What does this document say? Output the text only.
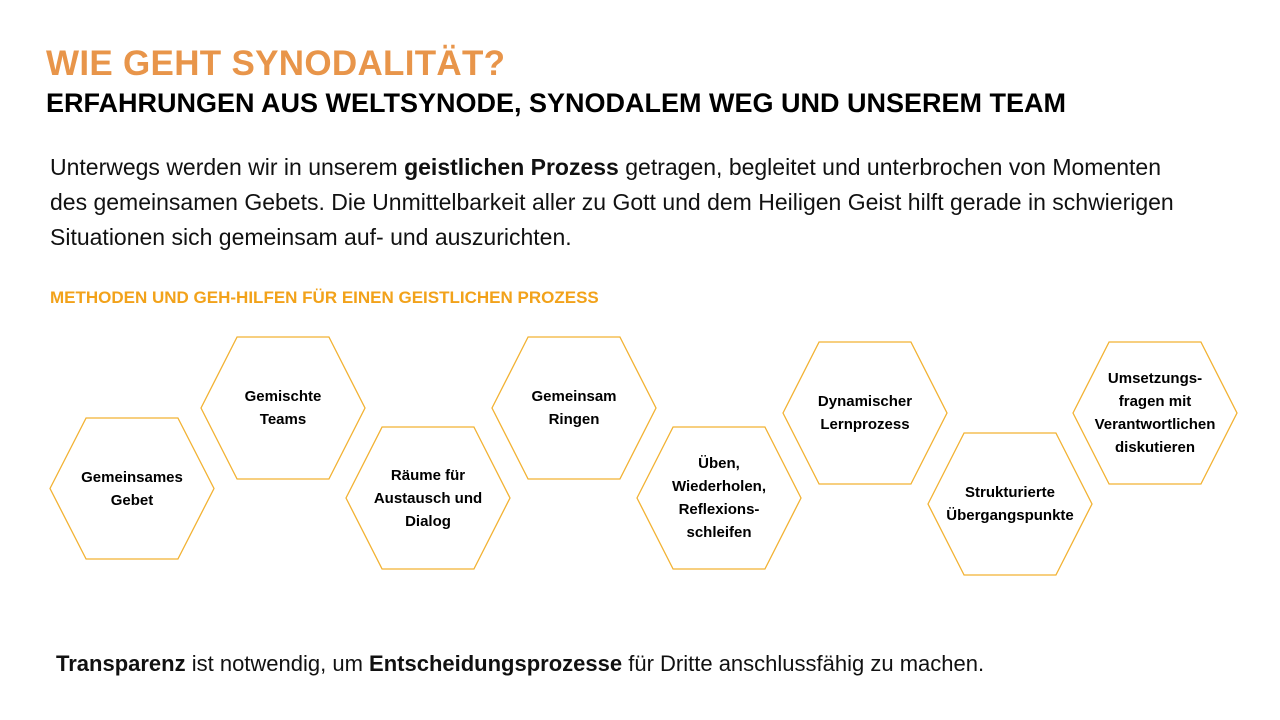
WIE GEHT SYNODALITÄT?
ERFAHRUNGEN AUS WELTSYNODE, SYNODALEM WEG UND UNSEREM TEAM

Unterwegs werden wir in unserem geistlichen Prozess getragen, begleitet und unterbrochen von Momenten des gemeinsamen Gebets. Die Unmittelbarkeit aller zu Gott und dem Heiligen Geist hilft gerade in schwierigen Situationen sich gemeinsam auf- und auszurichten.

METHODEN UND GEH-HILFEN FÜR EINEN GEISTLICHEN PROZESS
Gemeinsames
Gebet
Gemischte
Teams
Räume für
Austausch und
Dialog
Gemeinsam
Ringen
Üben,
Wiederholen,
Reflexions-
schleifen
Dynamischer
Lernprozess
Strukturierte
Übergangspunkte
Umsetzungs-
fragen mit
Verantwortlichen
diskutieren

Transparenz ist notwendig, um Entscheidungsprozesse für Dritte anschlussfähig zu machen.
